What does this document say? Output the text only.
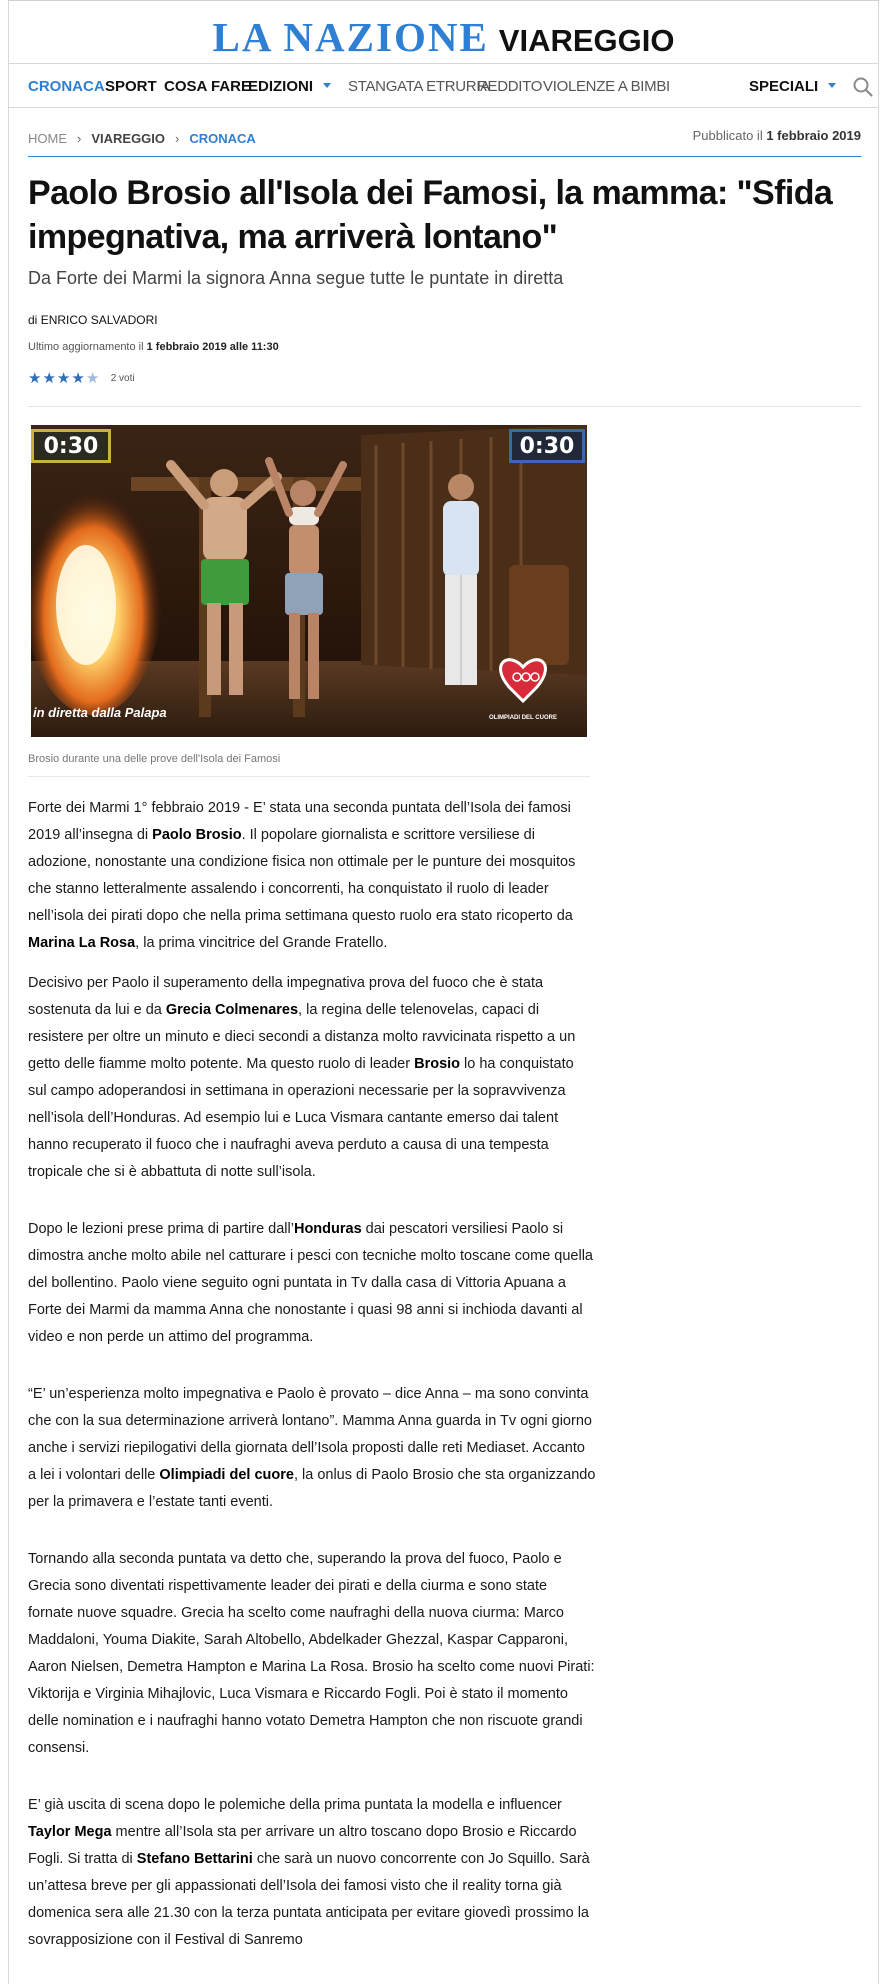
LA NAZIONE VIAREGGIO
CRONACA SPORT COSA FARE
EDIZIONI	STANGATA ETRURIA
REDDITO VIOLENZE A BIMBI	SPECIALI
HOME › VIAREGGIO › CRONACA	Pubblicato il 1 febbraio 2019
Paolo Brosio all'Isola dei Famosi, la mamma: "Sfida impegnativa, ma arriverà lontano"
Da Forte dei Marmi la signora Anna segue tutte le puntate in diretta
di ENRICO SALVADORI
Ultimo aggiornamento il 1 febbraio 2019 alle 11:30
★★★★★ 2 voti
0:30	0:30
in diretta dalla Palapa	OLIMPIADI DEL CUORE
Brosio durante una delle prove dell'Isola dei Famosi

Forte dei Marmi 1° febbraio 2019 - E’ stata una seconda puntata dell’Isola dei famosi 2019 all’insegna di Paolo Brosio. Il popolare giornalista e scrittore versiliese di adozione, nonostante una condizione fisica non ottimale per le punture dei mosquitos che stanno letteralmente assalendo i concorrenti, ha conquistato il ruolo di leader nell’isola dei pirati dopo che nella prima settimana questo ruolo era stato ricoperto da Marina La Rosa, la prima vincitrice del Grande Fratello.

Decisivo per Paolo il superamento della impegnativa prova del fuoco che è stata sostenuta da lui e da Grecia Colmenares, la regina delle telenovelas, capaci di resistere per oltre un minuto e dieci secondi a distanza molto ravvicinata rispetto a un getto delle fiamme molto potente. Ma questo ruolo di leader Brosio lo ha conquistato sul campo adoperandosi in settimana in operazioni necessarie per la sopravvivenza nell’isola dell’Honduras. Ad esempio lui e Luca Vismara cantante emerso dai talent hanno recuperato il fuoco che i naufraghi aveva perduto a causa di una tempesta tropicale che si è abbattuta di notte sull’isola.

Dopo le lezioni prese prima di partire dall’Honduras dai pescatori versiliesi Paolo si dimostra anche molto abile nel catturare i pesci con tecniche molto toscane come quella del bollentino. Paolo viene seguito ogni puntata in Tv dalla casa di Vittoria Apuana a Forte dei Marmi da mamma Anna che nonostante i quasi 98 anni si inchioda davanti al video e non perde un attimo del programma.

“E’ un’esperienza molto impegnativa e Paolo è provato – dice Anna – ma sono convinta che con la sua determinazione arriverà lontano”. Mamma Anna guarda in Tv ogni giorno anche i servizi riepilogativi della giornata dell’Isola proposti dalle reti Mediaset. Accanto a lei i volontari delle Olimpiadi del cuore, la onlus di Paolo Brosio che sta organizzando per la primavera e l’estate tanti eventi.

Tornando alla seconda puntata va detto che, superando la prova del fuoco, Paolo e Grecia sono diventati rispettivamente leader dei pirati e della ciurma e sono state fornate nuove squadre. Grecia ha scelto come naufraghi della nuova ciurma: Marco Maddaloni, Youma Diakite, Sarah Altobello, Abdelkader Ghezzal, Kaspar Capparoni, Aaron Nielsen, Demetra Hampton e Marina La Rosa. Brosio ha scelto come nuovi Pirati: Viktorija e Virginia Mihajlovic, Luca Vismara e Riccardo Fogli. Poi è stato il momento delle nomination e i naufraghi hanno votato Demetra Hampton che non riscuote grandi consensi.

E’ già uscita di scena dopo le polemiche della prima puntata la modella e influencer Taylor Mega mentre all’Isola sta per arrivare un altro toscano dopo Brosio e Riccardo Fogli. Si tratta di Stefano Bettarini che sarà un nuovo concorrente con Jo Squillo. Sarà un’attesa breve per gli appassionati dell’Isola dei famosi visto che il reality torna già domenica sera alle 21.30 con la terza puntata anticipata per evitare giovedì prossimo la sovrapposizione con il Festival di Sanremo
